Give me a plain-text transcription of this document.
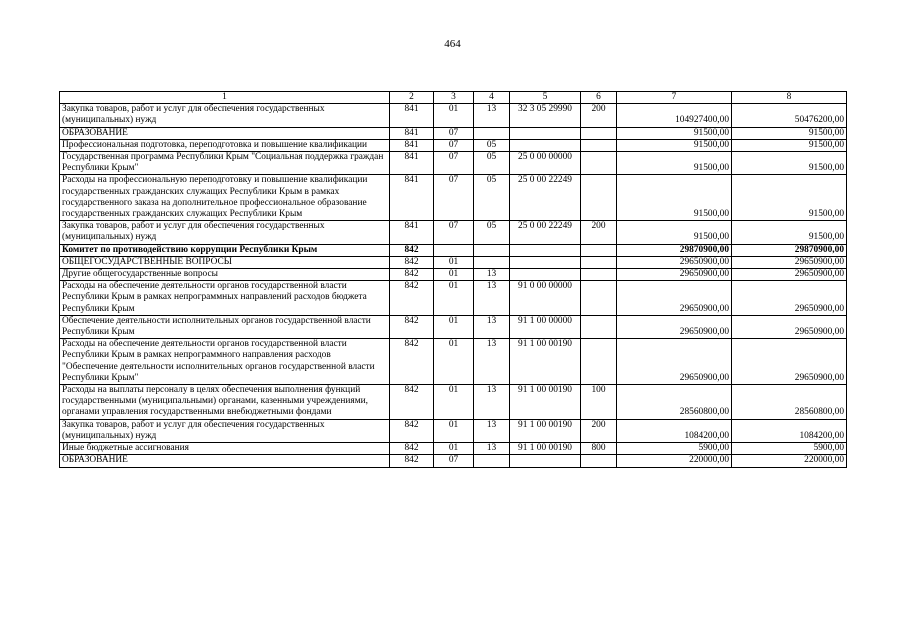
464
1	2	3	4	5	6	7	8
Закупка товаров, работ и услуг для обеспечения государственных (муниципальных) нужд	841	01	13	32 3 05 29990	200	104927400,00	50476200,00
ОБРАЗОВАНИЕ	841	07				91500,00	91500,00
Профессиональная подготовка, переподготовка и повышение квалификации	841	07	05			91500,00	91500,00
Государственная программа Республики Крым "Социальная поддержка граждан Республики Крым"	841	07	05	25 0 00 00000		91500,00	91500,00
Расходы на профессиональную переподготовку и повышение квалификации государственных гражданских служащих Республики Крым в рамках государственного заказа на дополнительное профессиональное образование государственных гражданских служащих Республики Крым	841	07	05	25 0 00 22249		91500,00	91500,00
Закупка товаров, работ и услуг для обеспечения государственных (муниципальных) нужд	841	07	05	25 0 00 22249	200	91500,00	91500,00
Комитет по противодействию коррупции Республики Крым	842					29870900,00	29870900,00
ОБЩЕГОСУДАРСТВЕННЫЕ ВОПРОСЫ	842	01				29650900,00	29650900,00
Другие общегосударственные вопросы	842	01	13			29650900,00	29650900,00
Расходы на обеспечение деятельности органов государственной власти Республики Крым в рамках непрограммных направлений расходов бюджета Республики Крым	842	01	13	91 0 00 00000		29650900,00	29650900,00
Обеспечение деятельности исполнительных органов государственной власти Республики Крым	842	01	13	91 1 00 00000		29650900,00	29650900,00
Расходы на обеспечение деятельности органов государственной власти Республики Крым в рамках непрограммного направления расходов "Обеспечение деятельности исполнительных органов государственной власти Республики Крым"	842	01	13	91 1 00 00190		29650900,00	29650900,00
Расходы на выплаты персоналу в целях обеспечения выполнения функций государственными (муниципальными) органами, казенными учреждениями, органами управления государственными внебюджетными фондами	842	01	13	91 1 00 00190	100	28560800,00	28560800,00
Закупка товаров, работ и услуг для обеспечения государственных (муниципальных) нужд	842	01	13	91 1 00 00190	200	1084200,00	1084200,00
Иные бюджетные ассигнования	842	01	13	91 1 00 00190	800	5900,00	5900,00
ОБРАЗОВАНИЕ	842	07				220000,00	220000,00
